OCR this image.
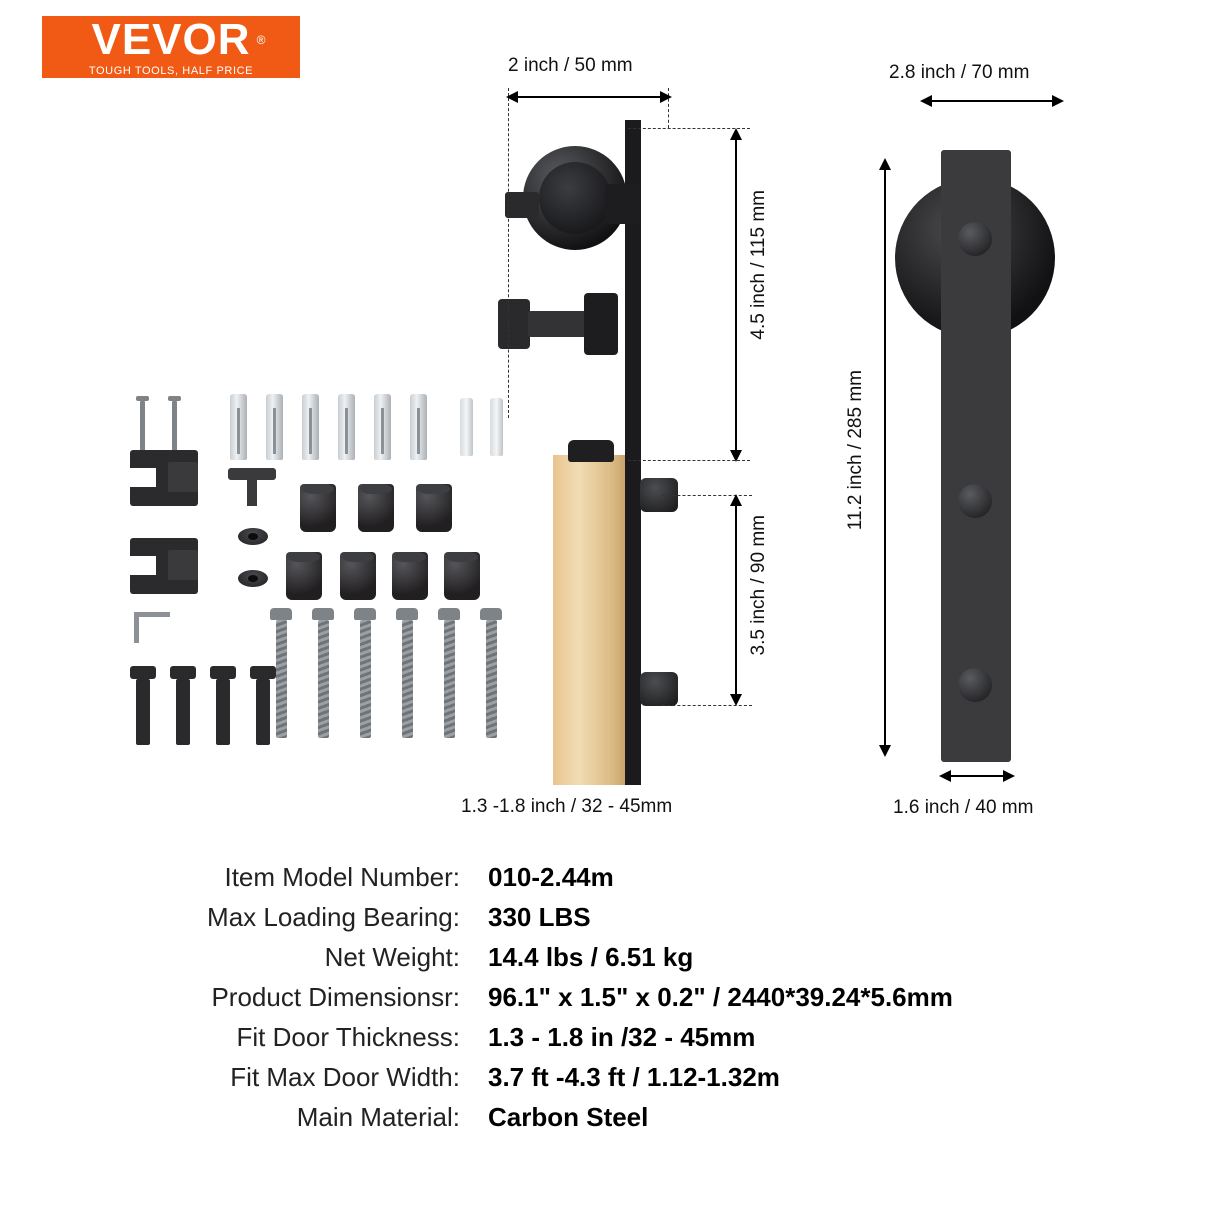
VEVOR ®
TOUGH TOOLS, HALF PRICE	2 inch / 50 mm
4.5 inch / 115 mm
3.5 inch / 90 mm
1.3 -1.8 inch / 32 - 45mm
2.8 inch / 70 mm
11.2 inch / 285 mm
1.6 inch / 40 mm
Item Model Number:	010-2.44m
Max Loading Bearing:	330 LBS
Net Weight:	14.4 lbs / 6.51 kg
Product Dimensionsr:	96.1" x 1.5" x 0.2" / 2440*39.24*5.6mm
Fit Door Thickness:	1.3 - 1.8 in /32 - 45mm
Fit Max Door Width:	3.7 ft -4.3 ft / 1.12-1.32m
Main Material:	Carbon Steel
